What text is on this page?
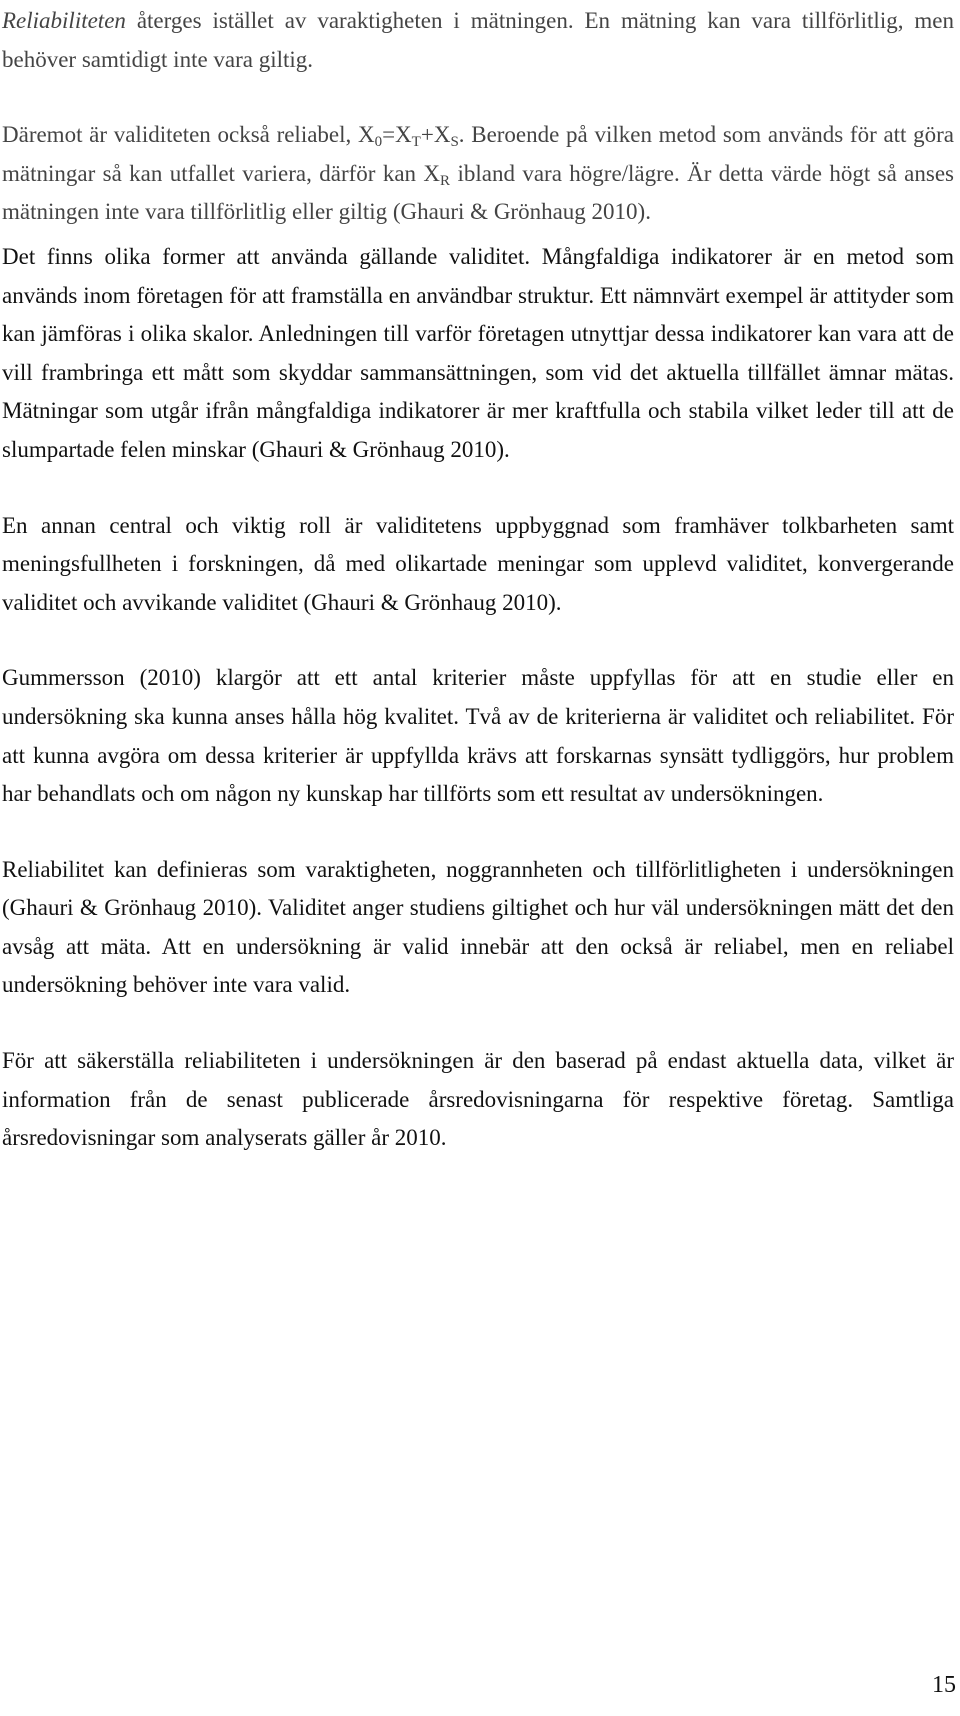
Reliabiliteten återges istället av varaktigheten i mätningen. En mätning kan vara tillförlitlig, men behöver samtidigt inte vara giltig.

Däremot är validiteten också reliabel, $X_0=X_T+X_S$. Beroende på vilken metod som används för att göra mätningar så kan utfallet variera, därför kan $X_R$ ibland vara högre/lägre. Är detta värde högt så anses mätningen inte vara tillförlitlig eller giltig (Ghauri & Grönhaug 2010).

Det finns olika former att använda gällande validitet. Mångfaldiga indikatorer är en metod som används inom företagen för att framställa en användbar struktur. Ett nämnvärt exempel är attityder som kan jämföras i olika skalor. Anledningen till varför företagen utnyttjar dessa indikatorer kan vara att de vill frambringa ett mått som skyddar sammansättningen, som vid det aktuella tillfället ämnar mätas. Mätningar som utgår ifrån mångfaldiga indikatorer är mer kraftfulla och stabila vilket leder till att de slumpartade felen minskar (Ghauri & Grönhaug 2010).

En annan central och viktig roll är validitetens uppbyggnad som framhäver tolkbarheten samt meningsfullheten i forskningen, då med olikartade meningar som upplevd validitet, konvergerande validitet och avvikande validitet (Ghauri & Grönhaug 2010).

Gummersson (2010) klargör att ett antal kriterier måste uppfyllas för att en studie eller en undersökning ska kunna anses hålla hög kvalitet. Två av de kriterierna är validitet och reliabilitet. För att kunna avgöra om dessa kriterier är uppfyllda krävs att forskarnas synsätt tydliggörs, hur problem har behandlats och om någon ny kunskap har tillförts som ett resultat av undersökningen.

Reliabilitet kan definieras som varaktigheten, noggrannheten och tillförlitligheten i undersökningen (Ghauri & Grönhaug 2010). Validitet anger studiens giltighet och hur väl undersökningen mätt det den avsåg att mäta. Att en undersökning är valid innebär att den också är reliabel, men en reliabel undersökning behöver inte vara valid.

För att säkerställa reliabiliteten i undersökningen är den baserad på endast aktuella data, vilket är information från de senast publicerade årsredovisningarna för respektive företag. Samtliga årsredovisningar som analyserats gäller år 2010.

15
